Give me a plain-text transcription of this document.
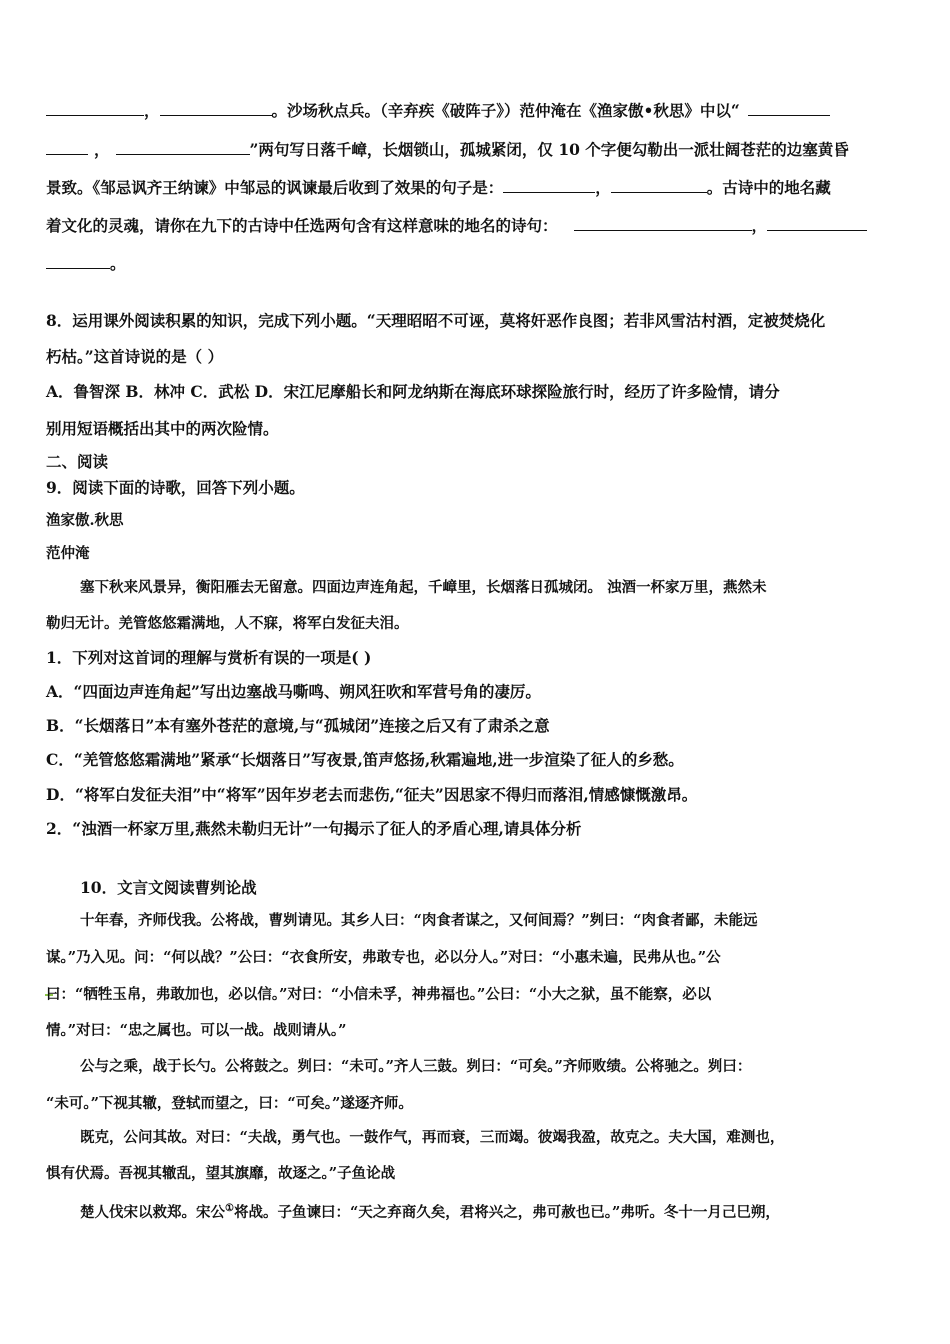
，	。沙场秋点兵。（辛弃疾《破阵子》）范仲淹在《渔家傲•秋思》中以“
，	”两句写日落千嶂，长烟锁山，孤城紧闭，仅 10 个字便勾勒出一派壮阔苍茫的边塞黄昏
景致。《邹忌讽齐王纳谏》中邹忌的讽谏最后收到了效果的句子是：	，	。古诗中的地名藏
着文化的灵魂，请你在九下的古诗中任选两句含有这样意味的地名的诗句：	，
。
8．运用课外阅读积累的知识，完成下列小题。“天理昭昭不可诬，莫将奸恶作良图；若非风雪沽村酒，定被焚烧化
朽枯。”这首诗说的是（ ）
A．鲁智深 B．林冲 C．武松 D．宋江尼摩船长和阿龙纳斯在海底环球探险旅行时，经历了许多险情，请分
别用短语概括出其中的两次险情。
二、阅读
9．阅读下面的诗歌，回答下列小题。
渔家傲.秋思
范仲淹
塞下秋来风景异，衡阳雁去无留意。四面边声连角起，千嶂里，长烟落日孤城闭。 浊酒一杯家万里，燕然未
勒归无计。羌管悠悠霜满地，人不寐，将军白发征夫泪。
1．下列对这首词的理解与赏析有误的一项是( )
A．“四面边声连角起”写出边塞战马嘶鸣、朔风狂吹和军营号角的凄厉。
B．“长烟落日”本有塞外苍茫的意境,与“孤城闭”连接之后又有了肃杀之意
C．“羌管悠悠霜满地”紧承“长烟落日”写夜景,笛声悠扬,秋霜遍地,进一步渲染了征人的乡愁。
D．“将军白发征夫泪”中“将军”因年岁老去而悲伤,“征夫”因思家不得归而落泪,情感慷慨激昂。
2．“浊酒一杯家万里,燕然未勒归无计”一句揭示了征人的矛盾心理,请具体分析
10．文言文阅读曹刿论战
十年春，齐师伐我。公将战，曹刿请见。其乡人曰：“肉食者谋之，又何间焉？”刿曰：“肉食者鄙，未能远
谋。”乃入见。问：“何以战？”公曰：“衣食所安，弗敢专也，必以分人。”对曰：“小惠未遍，民弗从也。”公
曰：“牺牲玉帛，弗敢加也，必以信。”对曰：“小信未孚，神弗福也。”公曰：“小大之狱，虽不能察，必以
情。”对曰：“忠之属也。可以一战。战则请从。”
公与之乘，战于长勺。公将鼓之。刿曰：“未可。”齐人三鼓。刿曰：“可矣。”齐师败绩。公将驰之。刿曰：
“未可。”下视其辙，登轼而望之，曰：“可矣。”遂逐齐师。
既克，公问其故。对曰：“夫战，勇气也。一鼓作气，再而衰，三而竭。彼竭我盈，故克之。夫大国，难测也，
惧有伏焉。吾视其辙乱，望其旗靡，故逐之。”子鱼论战
楚人伐宋以救郑。宋公①将战。子鱼谏曰：“天之弃商久矣，君将兴之，弗可赦也已。”弗听。冬十一月己巳朔，
